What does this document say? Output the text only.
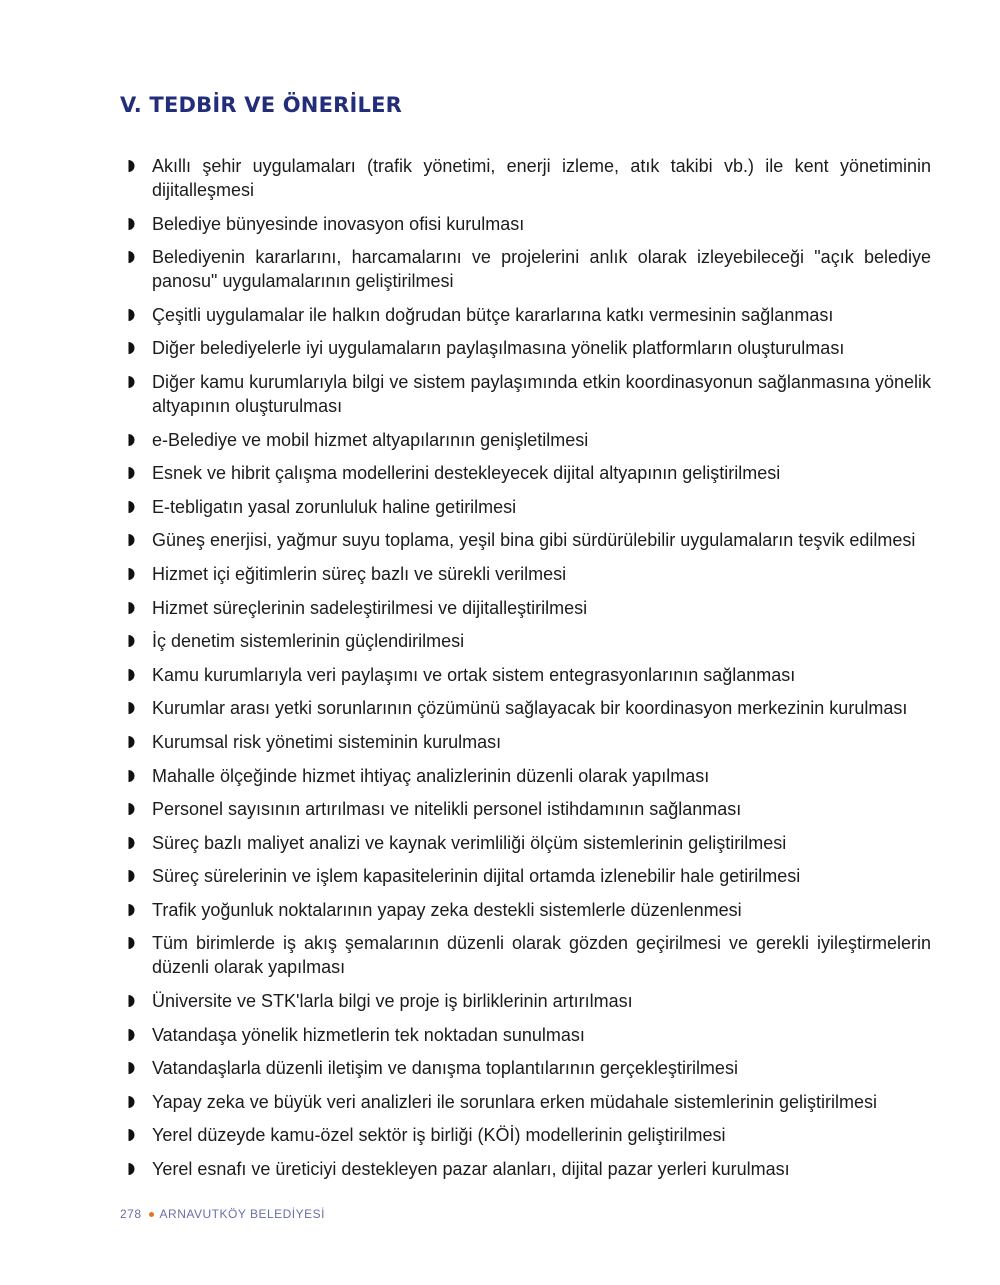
V. TEDBİR VE ÖNERİLER
Akıllı şehir uygulamaları (trafik yönetimi, enerji izleme, atık takibi vb.) ile kent yönetiminin dijitalleşmesi
Belediye bünyesinde inovasyon ofisi kurulması
Belediyenin kararlarını, harcamalarını ve projelerini anlık olarak izleyebileceği "açık belediye panosu" uygulamalarının geliştirilmesi
Çeşitli uygulamalar ile halkın doğrudan bütçe kararlarına katkı vermesinin sağlanması
Diğer belediyelerle iyi uygulamaların paylaşılmasına yönelik platformların oluşturulması
Diğer kamu kurumlarıyla bilgi ve sistem paylaşımında etkin koordinasyonun sağlanmasına yönelik altyapının oluşturulması
e-Belediye ve mobil hizmet altyapılarının genişletilmesi
Esnek ve hibrit çalışma modellerini destekleyecek dijital altyapının geliştirilmesi
E-tebligatın yasal zorunluluk haline getirilmesi
Güneş enerjisi, yağmur suyu toplama, yeşil bina gibi sürdürülebilir uygulamaların teşvik edilmesi
Hizmet içi eğitimlerin süreç bazlı ve sürekli verilmesi
Hizmet süreçlerinin sadeleştirilmesi ve dijitalleştirilmesi
İç denetim sistemlerinin güçlendirilmesi
Kamu kurumlarıyla veri paylaşımı ve ortak sistem entegrasyonlarının sağlanması
Kurumlar arası yetki sorunlarının çözümünü sağlayacak bir koordinasyon merkezinin kurulması
Kurumsal risk yönetimi sisteminin kurulması
Mahalle ölçeğinde hizmet ihtiyaç analizlerinin düzenli olarak yapılması
Personel sayısının artırılması ve nitelikli personel istihdamının sağlanması
Süreç bazlı maliyet analizi ve kaynak verimliliği ölçüm sistemlerinin geliştirilmesi
Süreç sürelerinin ve işlem kapasitelerinin dijital ortamda izlenebilir hale getirilmesi
Trafik yoğunluk noktalarının yapay zeka destekli sistemlerle düzenlenmesi
Tüm birimlerde iş akış şemalarının düzenli olarak gözden geçirilmesi ve gerekli iyileştirmelerin düzenli olarak yapılması
Üniversite ve STK'larla bilgi ve proje iş birliklerinin artırılması
Vatandaşa yönelik hizmetlerin tek noktadan sunulması
Vatandaşlarla düzenli iletişim ve danışma toplantılarının gerçekleştirilmesi
Yapay zeka ve büyük veri analizleri ile sorunlara erken müdahale sistemlerinin geliştirilmesi
Yerel düzeyde kamu-özel sektör iş birliği (KÖİ) modellerinin geliştirilmesi
Yerel esnafı ve üreticiyi destekleyen pazar alanları, dijital pazar yerleri kurulması
278 ARNAVUTKÖY BELEDİYESİ
